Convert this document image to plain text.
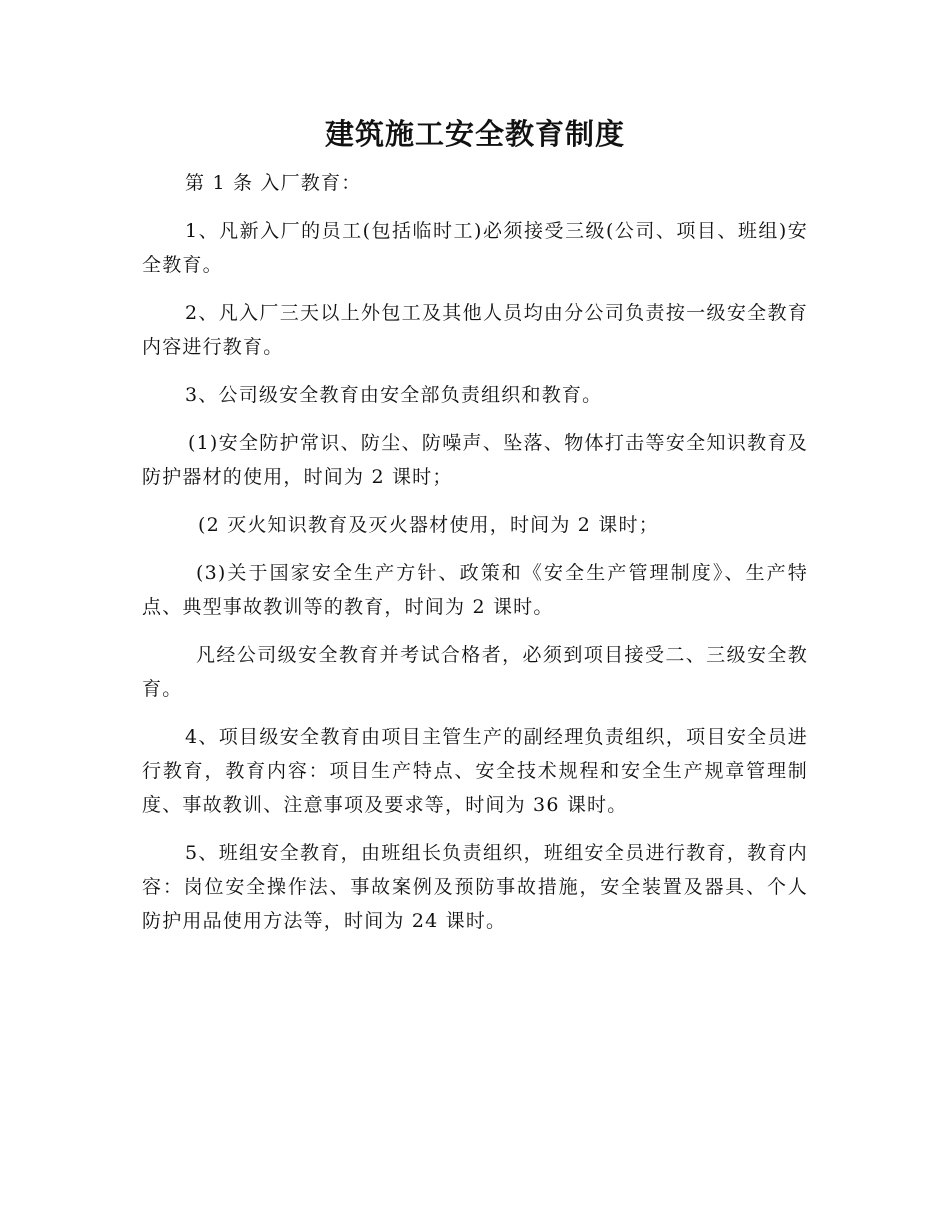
建筑施工安全教育制度

第 1 条 入厂教育：

1、凡新入厂的员工(包括临时工)必须接受三级(公司、项目、班组)安全教育。

2、凡入厂三天以上外包工及其他人员均由分公司负责按一级安全教育内容进行教育。

3、公司级安全教育由安全部负责组织和教育。

(1)安全防护常识、防尘、防噪声、坠落、物体打击等安全知识教育及防护器材的使用，时间为 2 课时；

(2 灭火知识教育及灭火器材使用，时间为 2 课时；

(3)关于国家安全生产方针、政策和《安全生产管理制度》、生产特点、典型事故教训等的教育，时间为 2 课时。

凡经公司级安全教育并考试合格者，必须到项目接受二、三级安全教育。

4、项目级安全教育由项目主管生产的副经理负责组织，项目安全员进行教育，教育内容：项目生产特点、安全技术规程和安全生产规章管理制度、事故教训、注意事项及要求等，时间为 36 课时。

5、班组安全教育，由班组长负责组织，班组安全员进行教育，教育内容：岗位安全操作法、事故案例及预防事故措施，安全装置及器具、个人防护用品使用方法等，时间为 24 课时。
